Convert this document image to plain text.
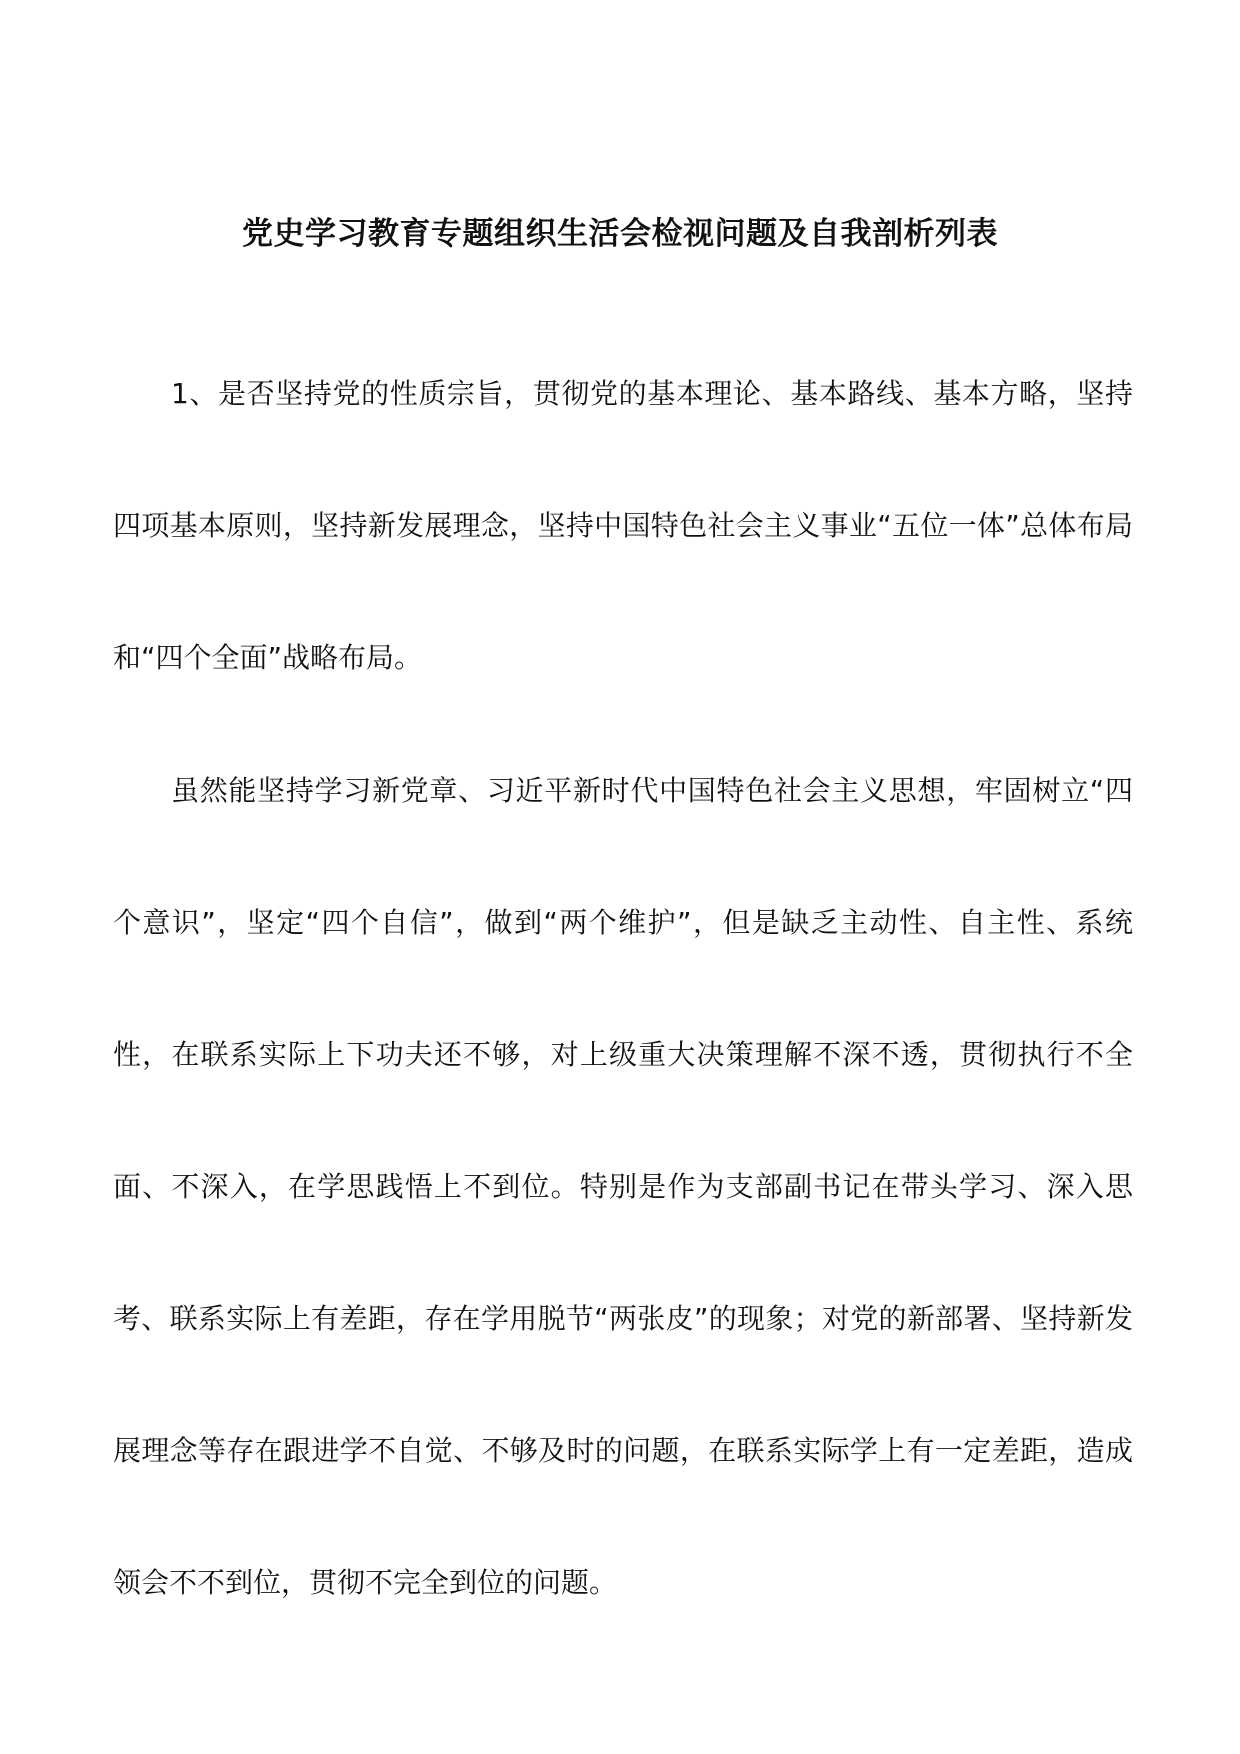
党史学习教育专题组织生活会检视问题及自我剖析列表

1、是否坚持党的性质宗旨，贯彻党的基本理论、基本路线、基本方略，坚持四项基本原则，坚持新发展理念，坚持中国特色社会主义事业“五位一体”总体布局和“四个全面”战略布局。

虽然能坚持学习新党章、习近平新时代中国特色社会主义思想，牢固树立“四个意识”，坚定“四个自信”，做到“两个维护”，但是缺乏主动性、自主性、系统性，在联系实际上下功夫还不够，对上级重大决策理解不深不透，贯彻执行不全面、不深入，在学思践悟上不到位。特别是作为支部副书记在带头学习、深入思考、联系实际上有差距，存在学用脱节“两张皮”的现象；对党的新部署、坚持新发展理念等存在跟进学不自觉、不够及时的问题，在联系实际学上有一定差距，造成领会不不到位，贯彻不完全到位的问题。
